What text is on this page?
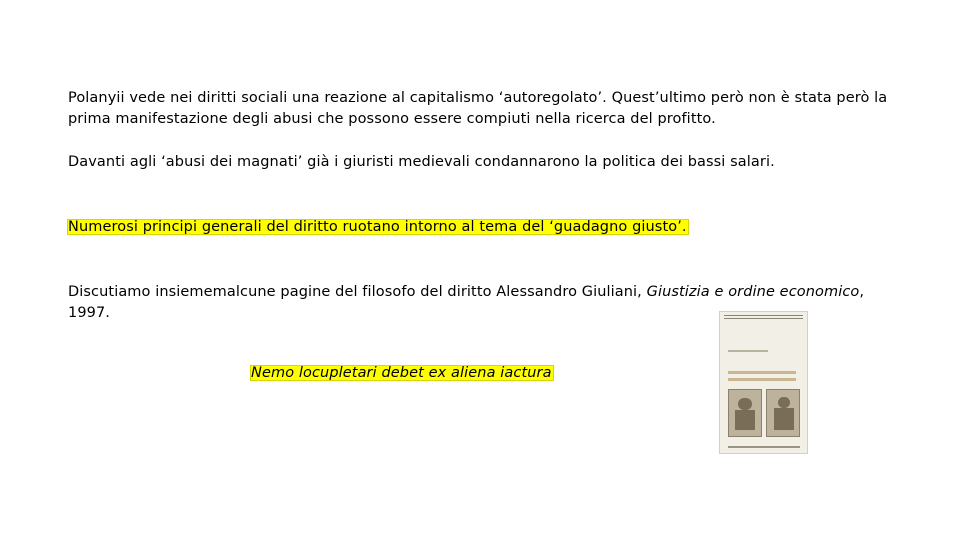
Polanyii vede nei diritti sociali una reazione al capitalismo ‘autoregolato’. Quest’ultimo però non è stata però la prima manifestazione degli abusi che possono essere compiuti nella ricerca del profitto.
Davanti agli ‘abusi dei magnati’ già i giuristi medievali condannarono la politica dei bassi salari.
Numerosi principi generali del diritto ruotano intorno al tema del ‘guadagno giusto’.
Discutiamo insiememalcune pagine del filosofo del diritto Alessandro Giuliani, Giustizia e ordine economico, 1997.
Nemo locupletari debet ex aliena iactura
